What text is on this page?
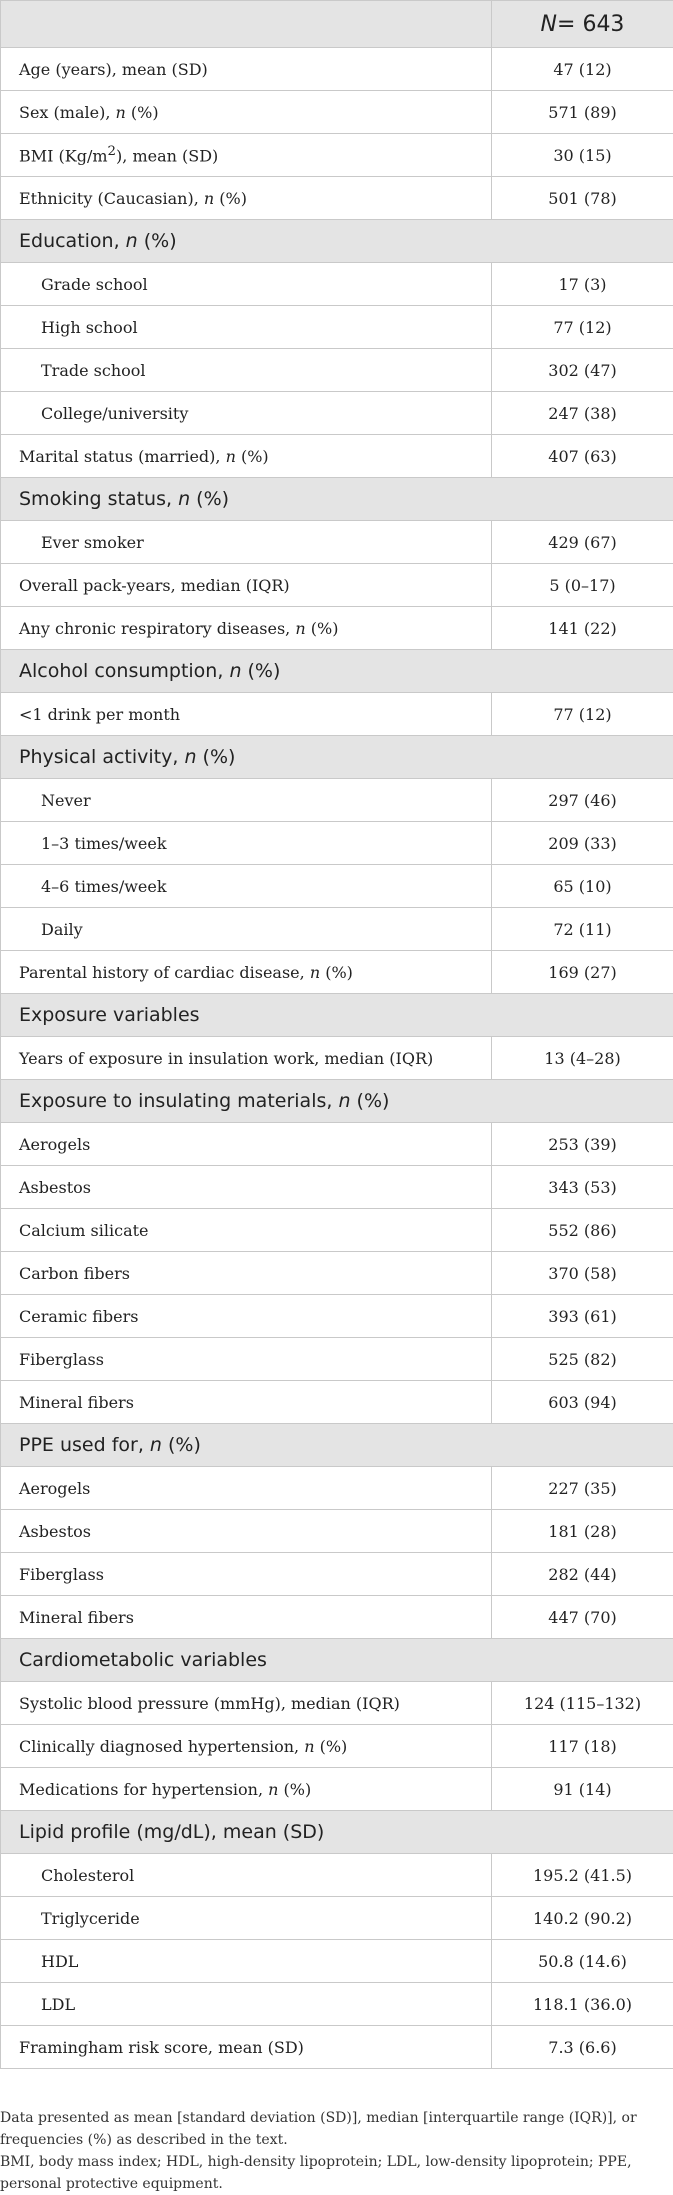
	N= 643
Age (years), mean (SD)	47 (12)
Sex (male), n (%)	571 (89)
BMI $(Kg/m^2)$, mean (SD)	30 (15)
Ethnicity (Caucasian), n (%)	501 (78)
Education, n (%)	
Grade school	17 (3)
High school	77 (12)
Trade school	302 (47)
College/university	247 (38)
Marital status (married), n (%)	407 (63)
Smoking status, n (%)	
Ever smoker	429 (67)
Overall pack-years, median (IQR)	5 (0–17)
Any chronic respiratory diseases, n (%)	141 (22)
Alcohol consumption, n (%)	
<1 drink per month	77 (12)
Physical activity, n (%)	
Never	297 (46)
1–3 times/week	209 (33)
4–6 times/week	65 (10)
Daily	72 (11)
Parental history of cardiac disease, n (%)	169 (27)
Exposure variables	
Years of exposure in insulation work, median (IQR)	13 (4–28)
Exposure to insulating materials, n (%)	
Aerogels	253 (39)
Asbestos	343 (53)
Calcium silicate	552 (86)
Carbon fibers	370 (58)
Ceramic fibers	393 (61)
Fiberglass	525 (82)
Mineral fibers	603 (94)
PPE used for, n (%)	
Aerogels	227 (35)
Asbestos	181 (28)
Fiberglass	282 (44)
Mineral fibers	447 (70)
Cardiometabolic variables	
Systolic blood pressure (mmHg), median (IQR)	124 (115–132)
Clinically diagnosed hypertension, n (%)	117 (18)
Medications for hypertension, n (%)	91 (14)
Lipid profile (mg/dL), mean (SD)	
Cholesterol	195.2 (41.5)
Triglyceride	140.2 (90.2)
HDL	50.8 (14.6)
LDL	118.1 (36.0)
Framingham risk score, mean (SD)	7.3 (6.6)

Data presented as mean [standard deviation (SD)], median [interquartile range (IQR)], or frequencies (%) as described in the text.

BMI, body mass index; HDL, high-density lipoprotein; LDL, low-density lipoprotein; PPE, personal protective equipment.
